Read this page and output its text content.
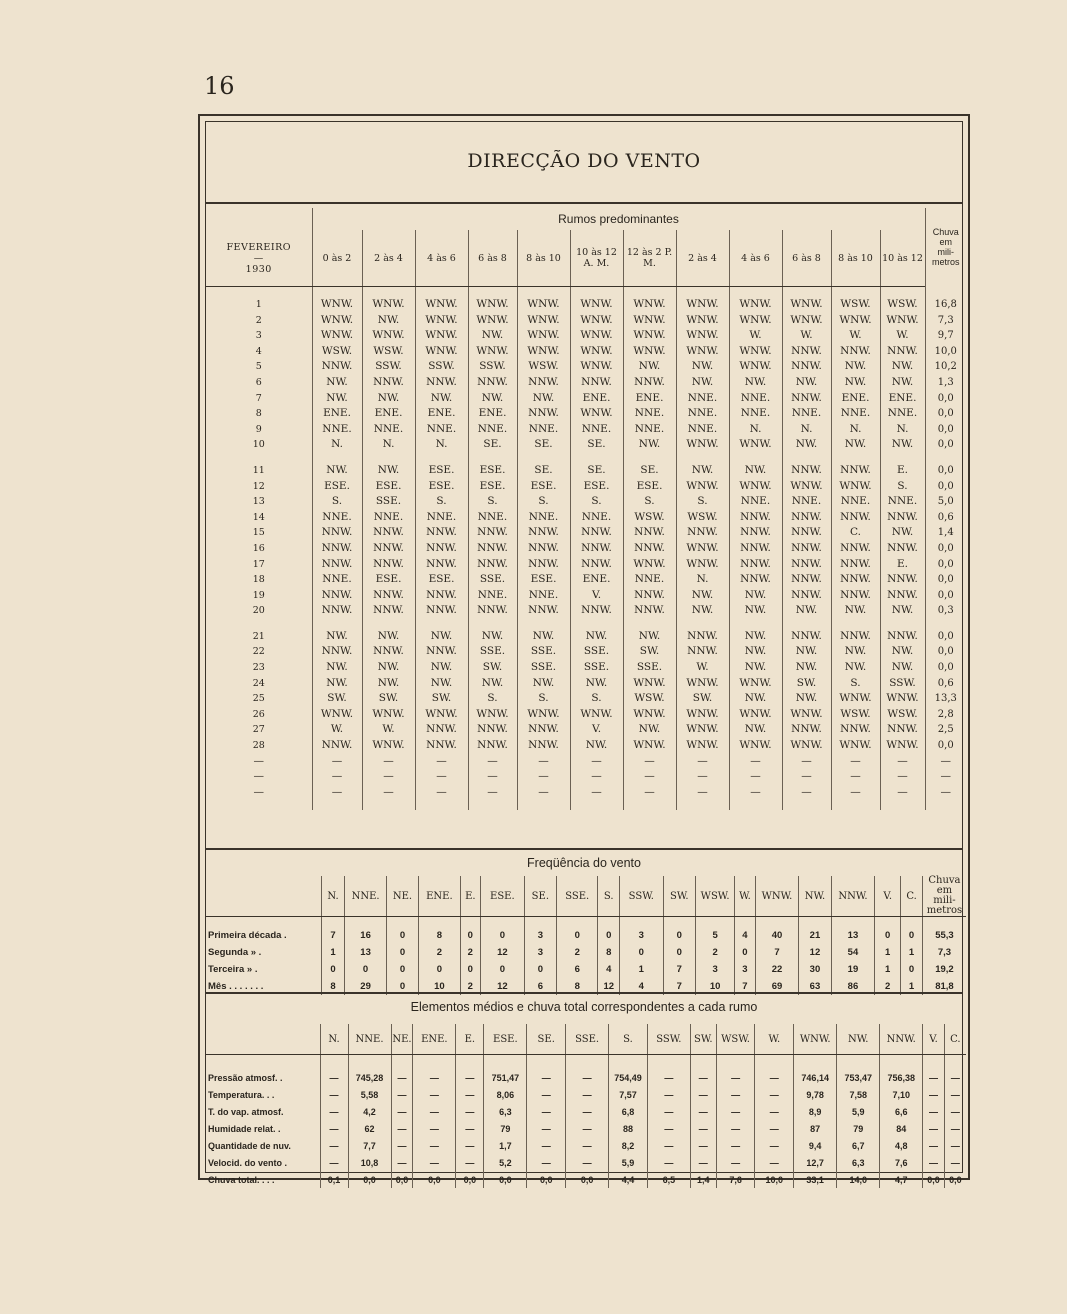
16
DIRECÇÃO DO VENTO
	Rumos predominantes												Chuva
em
mili-
metros

FEVEREIRO
—
1930	0 às 2	2 às 4	4 às 6	6 às 8	8 às 10	10 às 12 A. M.	12 às 2 P. M.	2 às 4	4 às 6	6 às 8	8 às 10	10 às 12	

1	WNW.	WNW.	WNW.	WNW.	WNW.	WNW.	WNW.	WNW.	WNW.	WNW.	WSW.	WSW.	16,8
2	WNW.	NW.	WNW.	WNW.	WNW.	WNW.	WNW.	WNW.	WNW.	WNW.	WNW.	WNW.	7,3
3	WNW.	WNW.	WNW.	NW.	WNW.	WNW.	WNW.	WNW.	W.	W.	W.	W.	9,7
4	WSW.	WSW.	WNW.	WNW.	WNW.	WNW.	WNW.	WNW.	WNW.	NNW.	NNW.	NNW.	10,0
5	NNW.	SSW.	SSW.	SSW.	WSW.	WNW.	NW.	NW.	WNW.	NNW.	NW.	NW.	10,2
6	NW.	NNW.	NNW.	NNW.	NNW.	NNW.	NNW.	NW.	NW.	NW.	NW.	NW.	1,3
7	NW.	NW.	NW.	NW.	NW.	ENE.	ENE.	NNE.	NNE.	NNW.	ENE.	ENE.	0,0
8	ENE.	ENE.	ENE.	ENE.	NNW.	WNW.	NNE.	NNE.	NNE.	NNE.	NNE.	NNE.	0,0
9	NNE.	NNE.	NNE.	NNE.	NNE.	NNE.	NNE.	NNE.	N.	N.	N.	N.	0,0
10	N.	N.	N.	SE.	SE.	SE.	NW.	WNW.	WNW.	NW.	NW.	NW.	0,0

11	NW.	NW.	ESE.	ESE.	SE.	SE.	SE.	NW.	NW.	NNW.	NNW.	E.	0,0
12	ESE.	ESE.	ESE.	ESE.	ESE.	ESE.	ESE.	WNW.	WNW.	WNW.	WNW.	S.	0,0
13	S.	SSE.	S.	S.	S.	S.	S.	S.	NNE.	NNE.	NNE.	NNE.	5,0
14	NNE.	NNE.	NNE.	NNE.	NNE.	NNE.	WSW.	WSW.	NNW.	NNW.	NNW.	NNW.	0,6
15	NNW.	NNW.	NNW.	NNW.	NNW.	NNW.	NNW.	NNW.	NNW.	NNW.	C.	NW.	1,4
16	NNW.	NNW.	NNW.	NNW.	NNW.	NNW.	NNW.	WNW.	NNW.	NNW.	NNW.	NNW.	0,0
17	NNW.	NNW.	NNW.	NNW.	NNW.	NNW.	WNW.	WNW.	NNW.	NNW.	NNW.	E.	0,0
18	NNE.	ESE.	ESE.	SSE.	ESE.	ENE.	NNE.	N.	NNW.	NNW.	NNW.	NNW.	0,0
19	NNW.	NNW.	NNW.	NNE.	NNE.	V.	NNW.	NW.	NW.	NNW.	NNW.	NNW.	0,0
20	NNW.	NNW.	NNW.	NNW.	NNW.	NNW.	NNW.	NW.	NW.	NW.	NW.	NW.	0,3

21	NW.	NW.	NW.	NW.	NW.	NW.	NW.	NNW.	NW.	NNW.	NNW.	NNW.	0,0
22	NNW.	NNW.	NNW.	SSE.	SSE.	SSE.	SW.	NNW.	NW.	NW.	NW.	NW.	0,0
23	NW.	NW.	NW.	SW.	SSE.	SSE.	SSE.	W.	NW.	NW.	NW.	NW.	0,0
24	NW.	NW.	NW.	NW.	NW.	NW.	WNW.	WNW.	WNW.	SW.	S.	SSW.	0,6
25	SW.	SW.	SW.	S.	S.	S.	WSW.	SW.	NW.	NW.	WNW.	WNW.	13,3
26	WNW.	WNW.	WNW.	WNW.	WNW.	WNW.	WNW.	WNW.	WNW.	WNW.	WSW.	WSW.	2,8
27	W.	W.	NNW.	NNW.	NNW.	V.	NW.	WNW.	NW.	NNW.	NNW.	NNW.	2,5
28	NNW.	WNW.	NNW.	NNW.	NNW.	NW.	WNW.	WNW.	WNW.	WNW.	WNW.	WNW.	0,0
—	—	—	—	—	—	—	—	—	—	—	—	—	—
—	—	—	—	—	—	—	—	—	—	—	—	—	—
—	—	—	—	—	—	—	—	—	—	—	—	—	—

Freqüência do vento
	N.	NNE.	NE.	ENE.	E.	ESE.	SE.	SSE.	S.	SSW.	SW.	WSW.	W.	WNW.	NW.	NNW.	V.	C.	Chuva
em
mili-
metros

Primeira década .	7	16	0	8	0	0	3	0	0	3	0	5	4	40	21	13	0	0	55,3
Segunda » .	1	13	0	2	2	12	3	2	8	0	0	2	0	7	12	54	1	1	7,3
Terceira » .	0	0	0	0	0	0	0	6	4	1	7	3	3	22	30	19	1	0	19,2
Mês . . . . . . .	8	29	0	10	2	12	6	8	12	4	7	10	7	69	63	86	2	1	81,8
Elementos médios e chuva total correspondentes a cada rumo
	N.	NNE.	NE.	ENE.	E.	ESE.	SE.	SSE.	S.	SSW.	SW.	WSW.	W.	WNW.	NW.	NNW.	V.	C.

Pressão atmosf. .	—	745,28	—	—	—	751,47	—	—	754,49	—	—	—	—	746,14	753,47	756,38	—	—
Temperatura. . .	—	5,58	—	—	—	8,06	—	—	7,57	—	—	—	—	9,78	7,58	7,10	—	—
T. do vap. atmosf.	—	4,2	—	—	—	6,3	—	—	6,8	—	—	—	—	8,9	5,9	6,6	—	—
Humidade relat. .	—	62	—	—	—	79	—	—	88	—	—	—	—	87	79	84	—	—
Quantidade de nuv.	—	7,7	—	—	—	1,7	—	—	8,2	—	—	—	—	9,4	6,7	4,8	—	—
Velocid. do vento .	—	10,8	—	—	—	5,2	—	—	5,9	—	—	—	—	12,7	6,3	7,6	—	—
Chuva total. . . .	0,1	0,0	0,0	0,0	0,0	0,0	0,0	0,0	4,4	6,5	1,4	7,6	10,0	33,1	14,0	4,7	0,0	0,0
